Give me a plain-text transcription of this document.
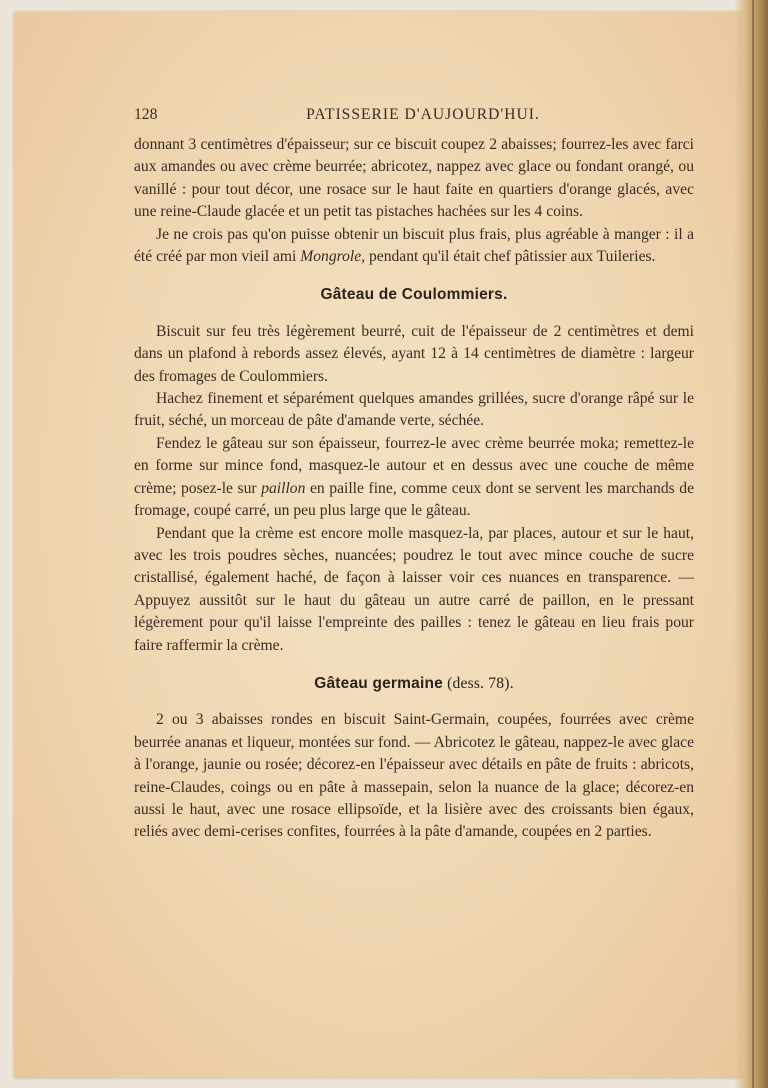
128	PATISSERIE D'AUJOURD'HUI.

donnant 3 centimètres d'épaisseur; sur ce biscuit coupez 2 abaisses; fourrez-les avec farci aux amandes ou avec crème beurrée; abricotez, nappez avec glace ou fondant orangé, ou vanillé : pour tout décor, une rosace sur le haut faite en quartiers d'orange glacés, avec une reine-Claude glacée et un petit tas pistaches hachées sur les 4 coins.

Je ne crois pas qu'on puisse obtenir un biscuit plus frais, plus agréable à manger : il a été créé par mon vieil ami Mongrole, pendant qu'il était chef pâtissier aux Tuileries.

Gâteau de Coulommiers.

Biscuit sur feu très légèrement beurré, cuit de l'épaisseur de 2 centimètres et demi dans un plafond à rebords assez élevés, ayant 12 à 14 centimètres de diamètre : largeur des fromages de Coulommiers.

Hachez finement et séparément quelques amandes grillées, sucre d'orange râpé sur le fruit, séché, un morceau de pâte d'amande verte, séchée.

Fendez le gâteau sur son épaisseur, fourrez-le avec crème beurrée moka; remettez-le en forme sur mince fond, masquez-le autour et en dessus avec une couche de même crème; posez-le sur paillon en paille fine, comme ceux dont se servent les marchands de fromage, coupé carré, un peu plus large que le gâteau.

Pendant que la crème est encore molle masquez-la, par places, autour et sur le haut, avec les trois poudres sèches, nuancées; poudrez le tout avec mince couche de sucre cristallisé, également haché, de façon à laisser voir ces nuances en transparence. — Appuyez aussitôt sur le haut du gâteau un autre carré de paillon, en le pressant légèrement pour qu'il laisse l'empreinte des pailles : tenez le gâteau en lieu frais pour faire raffermir la crème.

Gâteau germaine (dess. 78).

2 ou 3 abaisses rondes en biscuit Saint-Germain, coupées, fourrées avec crème beurrée ananas et liqueur, montées sur fond. — Abricotez le gâteau, nappez-le avec glace à l'orange, jaunie ou rosée; décorez-en l'épaisseur avec détails en pâte de fruits : abricots, reine-Claudes, coings ou en pâte à massepain, selon la nuance de la glace; décorez-en aussi le haut, avec une rosace ellipsoïde, et la lisière avec des croissants bien égaux, reliés avec demi-cerises confites, fourrées à la pâte d'amande, coupées en 2 parties.
